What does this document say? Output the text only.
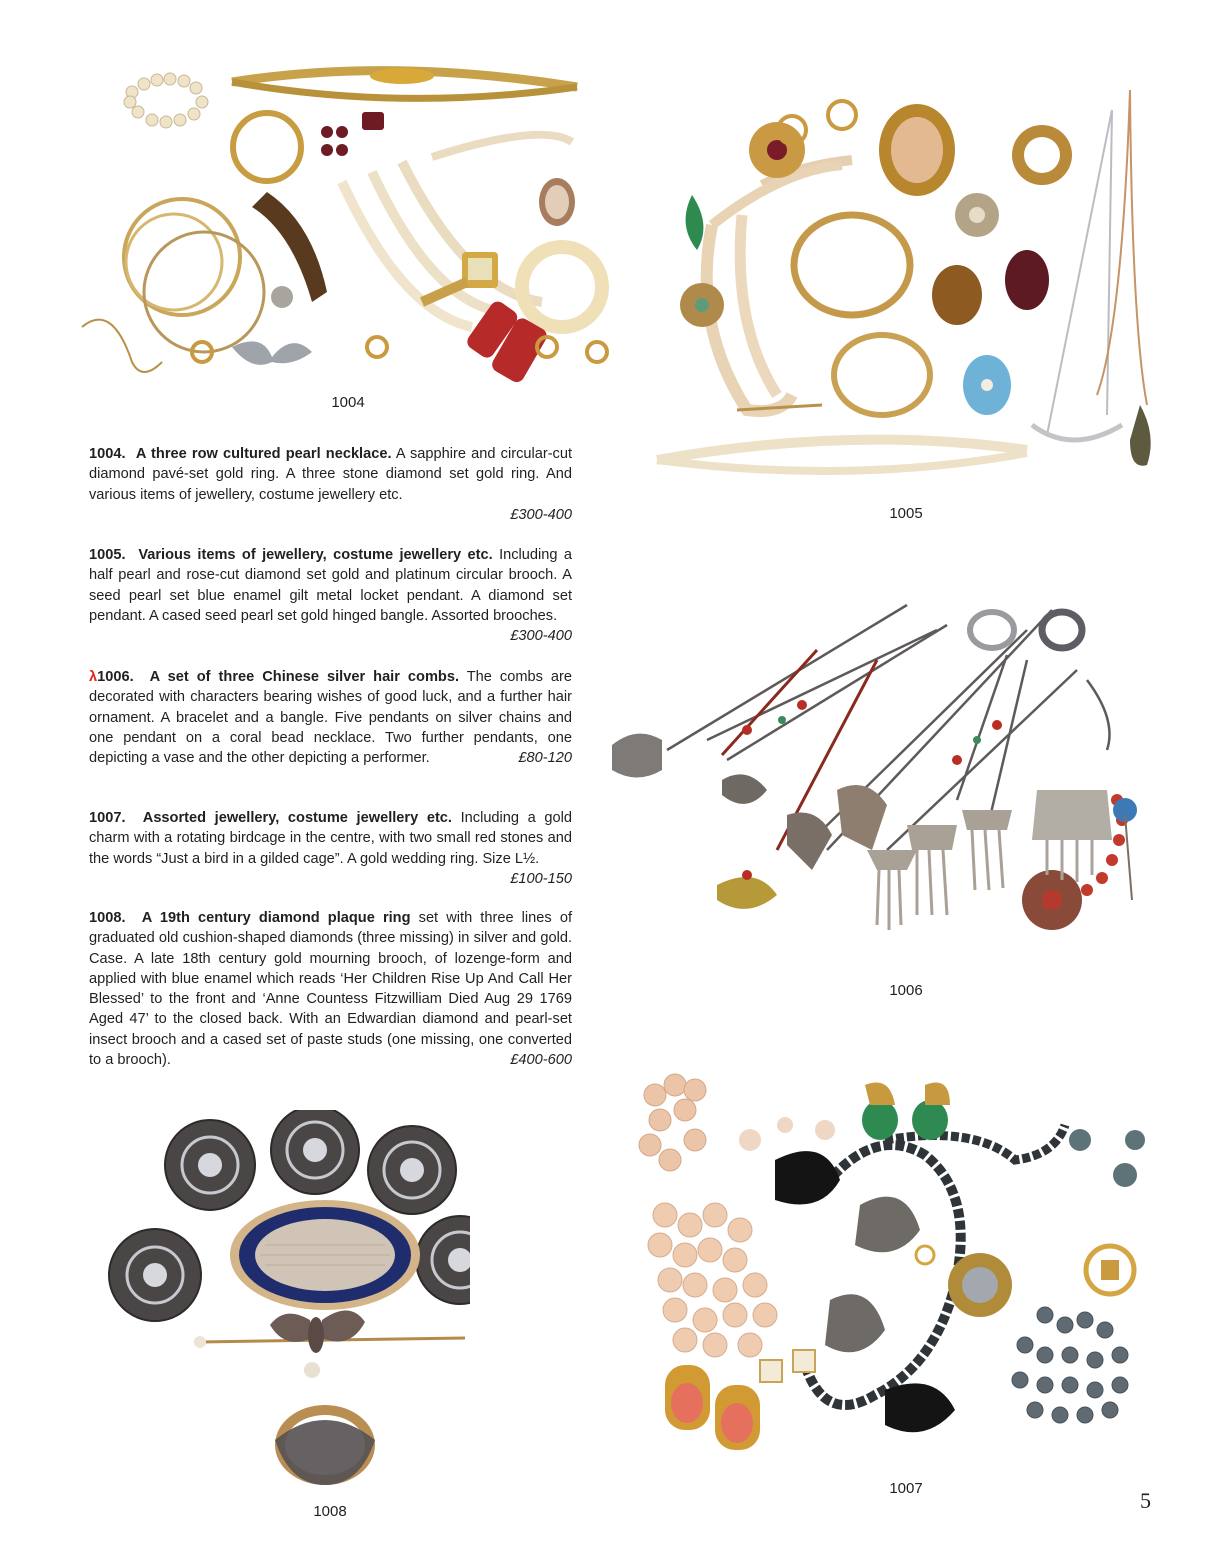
1004
1005
1004. A three row cultured pearl necklace. A sapphire and circular-cut diamond pavé-set gold ring. A three stone diamond set gold ring. And various items of jewellery, costume jewellery etc.
£300-400
1005. Various items of jewellery, costume jewellery etc. Including a half pearl and rose-cut diamond set gold and platinum circular brooch. A seed pearl set blue enamel gilt metal locket pendant. A diamond set pendant. A cased seed pearl set gold hinged bangle. Assorted brooches.
£300-400
λ1006. A set of three Chinese silver hair combs. The combs are decorated with characters bearing wishes of good luck, and a further hair ornament. A bracelet and a bangle. Five pendants on silver chains and one pendant on a coral bead necklace. Two further pendants, one depicting a vase and the other depicting a performer.	£80-120
1007. Assorted jewellery, costume jewellery etc. Including a gold charm with a rotating birdcage in the centre, with two small red stones and the words “Just a bird in a gilded cage”. A gold wedding ring. Size L½.
£100-150
1008. A 19th century diamond plaque ring set with three lines of graduated old cushion-shaped diamonds (three missing) in silver and gold. Case. A late 18th century gold mourning brooch, of lozenge-form and applied with blue enamel which reads ‘Her Children Rise Up And Call Her Blessed’ to the front and ‘Anne Countess Fitzwilliam Died Aug 29 1769 Aged 47’ to the closed back. With an Edwardian diamond and pearl-set insect brooch and a cased set of paste studs (one missing, one converted to a brooch).	£400-600
1006
1008
1007	5
